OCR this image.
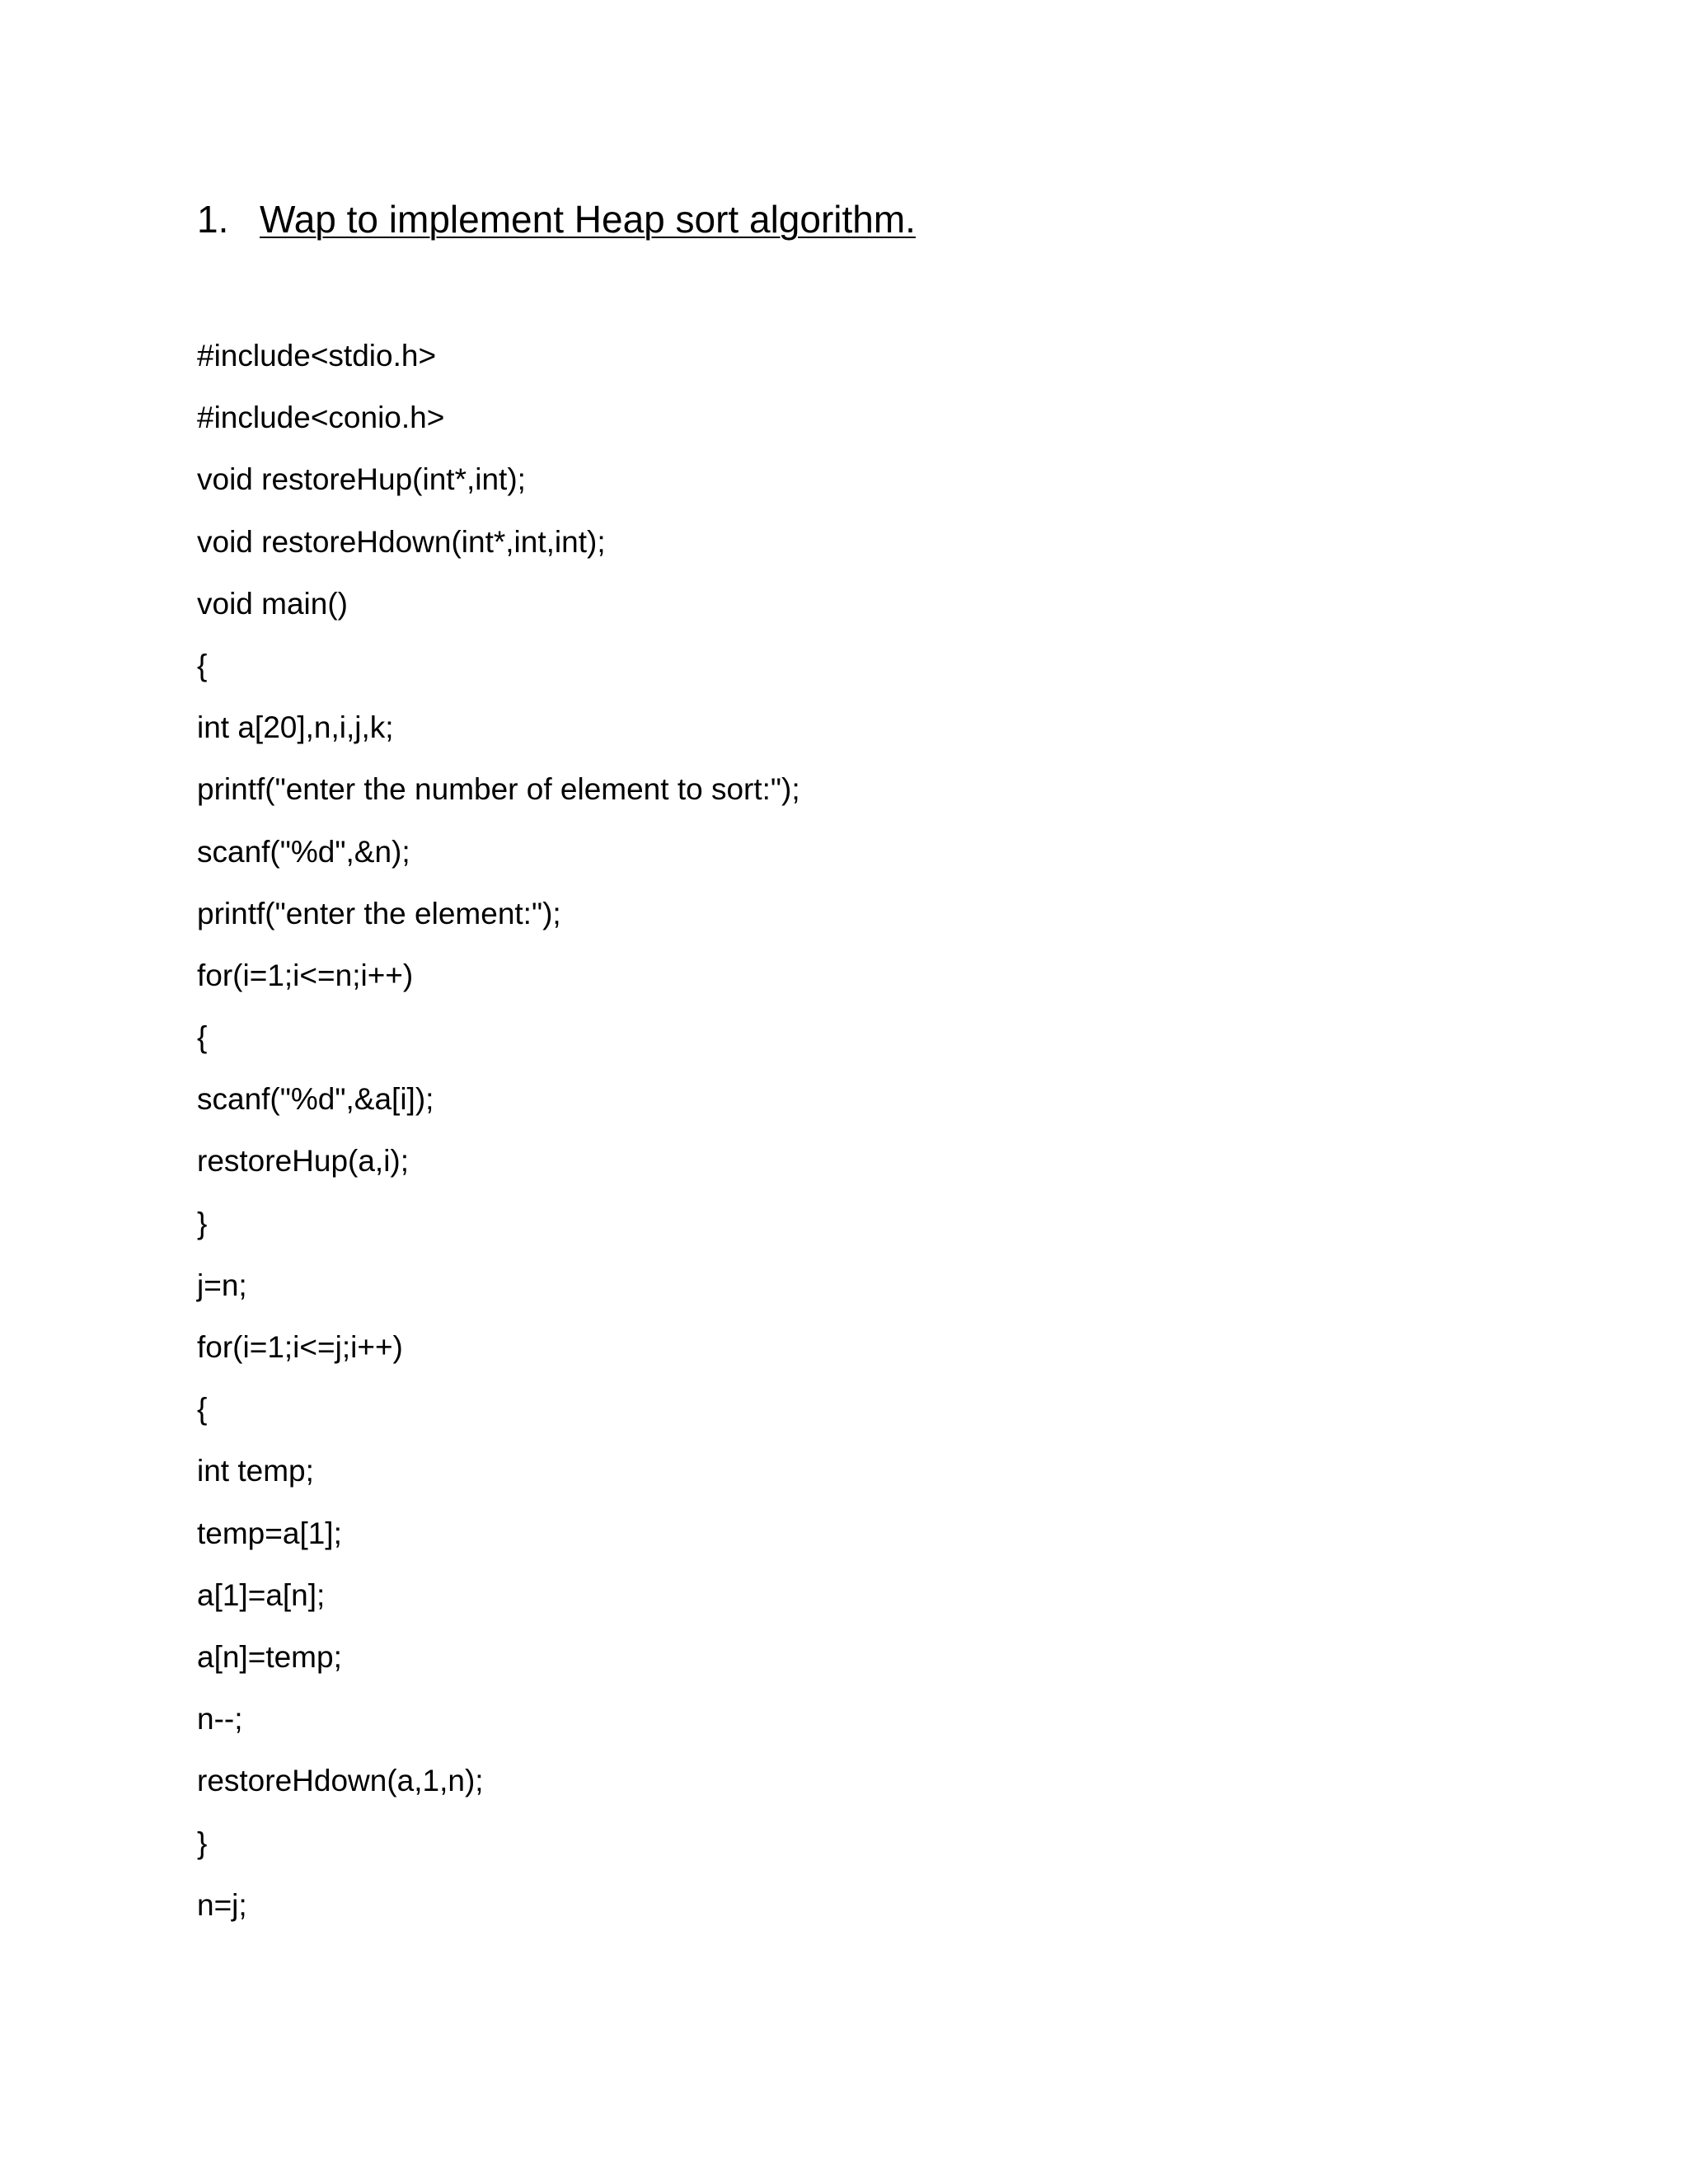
1. Wap to implement Heap sort algorithm.
#include<stdio.h>
#include<conio.h>
void restoreHup(int*,int);
void restoreHdown(int*,int,int);
void main()
{
int a[20],n,i,j,k;
printf("enter the number of element to sort:");
scanf("%d",&n);
printf("enter the element:");
for(i=1;i<=n;i++)
{
scanf("%d",&a[i]);
restoreHup(a,i);
}
j=n;
for(i=1;i<=j;i++)
{
int temp;
temp=a[1];
a[1]=a[n];
a[n]=temp;
n--;
restoreHdown(a,1,n);
}
n=j;
